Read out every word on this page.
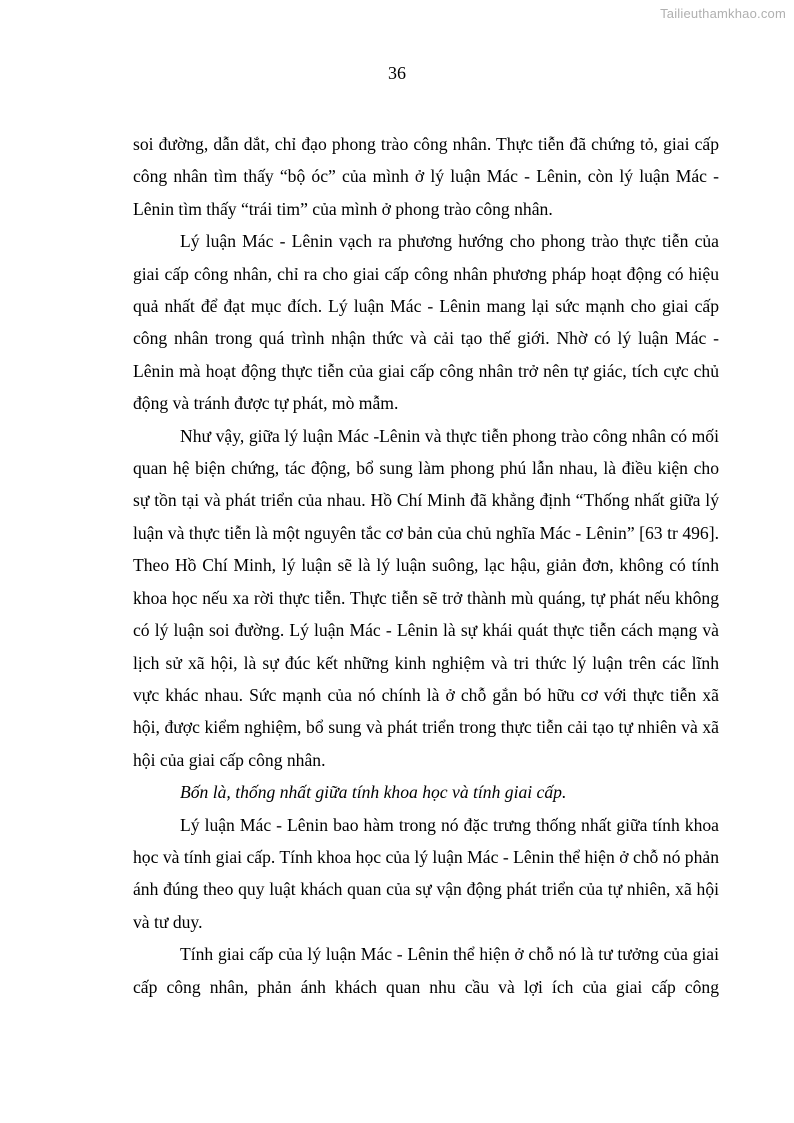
Tailieuthamkhao.com
36

soi đường, dẫn dắt, chỉ đạo phong trào công nhân. Thực tiễn đã chứng tỏ, giai cấp công nhân tìm thấy “bộ óc” của mình ở lý luận Mác - Lênin, còn lý luận Mác - Lênin tìm thấy “trái tim” của mình ở phong trào công nhân.

Lý luận Mác - Lênin vạch ra phương hướng cho phong trào thực tiễn của giai cấp công nhân, chỉ ra cho giai cấp công nhân phương pháp hoạt động có hiệu quả nhất để đạt mục đích. Lý luận Mác - Lênin mang lại sức mạnh cho giai cấp công nhân trong quá trình nhận thức và cải tạo thế giới. Nhờ có lý luận Mác - Lênin mà hoạt động thực tiễn của giai cấp công nhân trở nên tự giác, tích cực chủ động và tránh được tự phát, mò mẫm.

Như vậy, giữa lý luận Mác -Lênin và thực tiễn phong trào công nhân có mối quan hệ biện chứng, tác động, bổ sung làm phong phú lẫn nhau, là điều kiện cho sự tồn tại và phát triển của nhau. Hồ Chí Minh đã khẳng định “Thống nhất giữa lý luận và thực tiễn là một nguyên tắc cơ bản của chủ nghĩa Mác - Lênin” [63 tr 496]. Theo Hồ Chí Minh, lý luận sẽ là lý luận suông, lạc hậu, giản đơn, không có tính khoa học nếu xa rời thực tiễn. Thực tiễn sẽ trở thành mù quáng, tự phát nếu không có lý luận soi đường. Lý luận Mác - Lênin là sự khái quát thực tiễn cách mạng và lịch sử xã hội, là sự đúc kết những kinh nghiệm và tri thức lý luận trên các lĩnh vực khác nhau. Sức mạnh của nó chính là ở chỗ gắn bó hữu cơ với thực tiễn xã hội, được kiểm nghiệm, bổ sung và phát triển trong thực tiễn cải tạo tự nhiên và xã hội của giai cấp công nhân.

Bốn là, thống nhất giữa tính khoa học và tính giai cấp.

Lý luận Mác - Lênin bao hàm trong nó đặc trưng thống nhất giữa tính khoa học và tính giai cấp. Tính khoa học của lý luận Mác - Lênin thể hiện ở chỗ nó phản ánh đúng theo quy luật khách quan của sự vận động phát triển của tự nhiên, xã hội và tư duy.

Tính giai cấp của lý luận Mác - Lênin thể hiện ở chỗ nó là tư tưởng của giai cấp công nhân, phản ánh khách quan nhu cầu và lợi ích của giai cấp công
